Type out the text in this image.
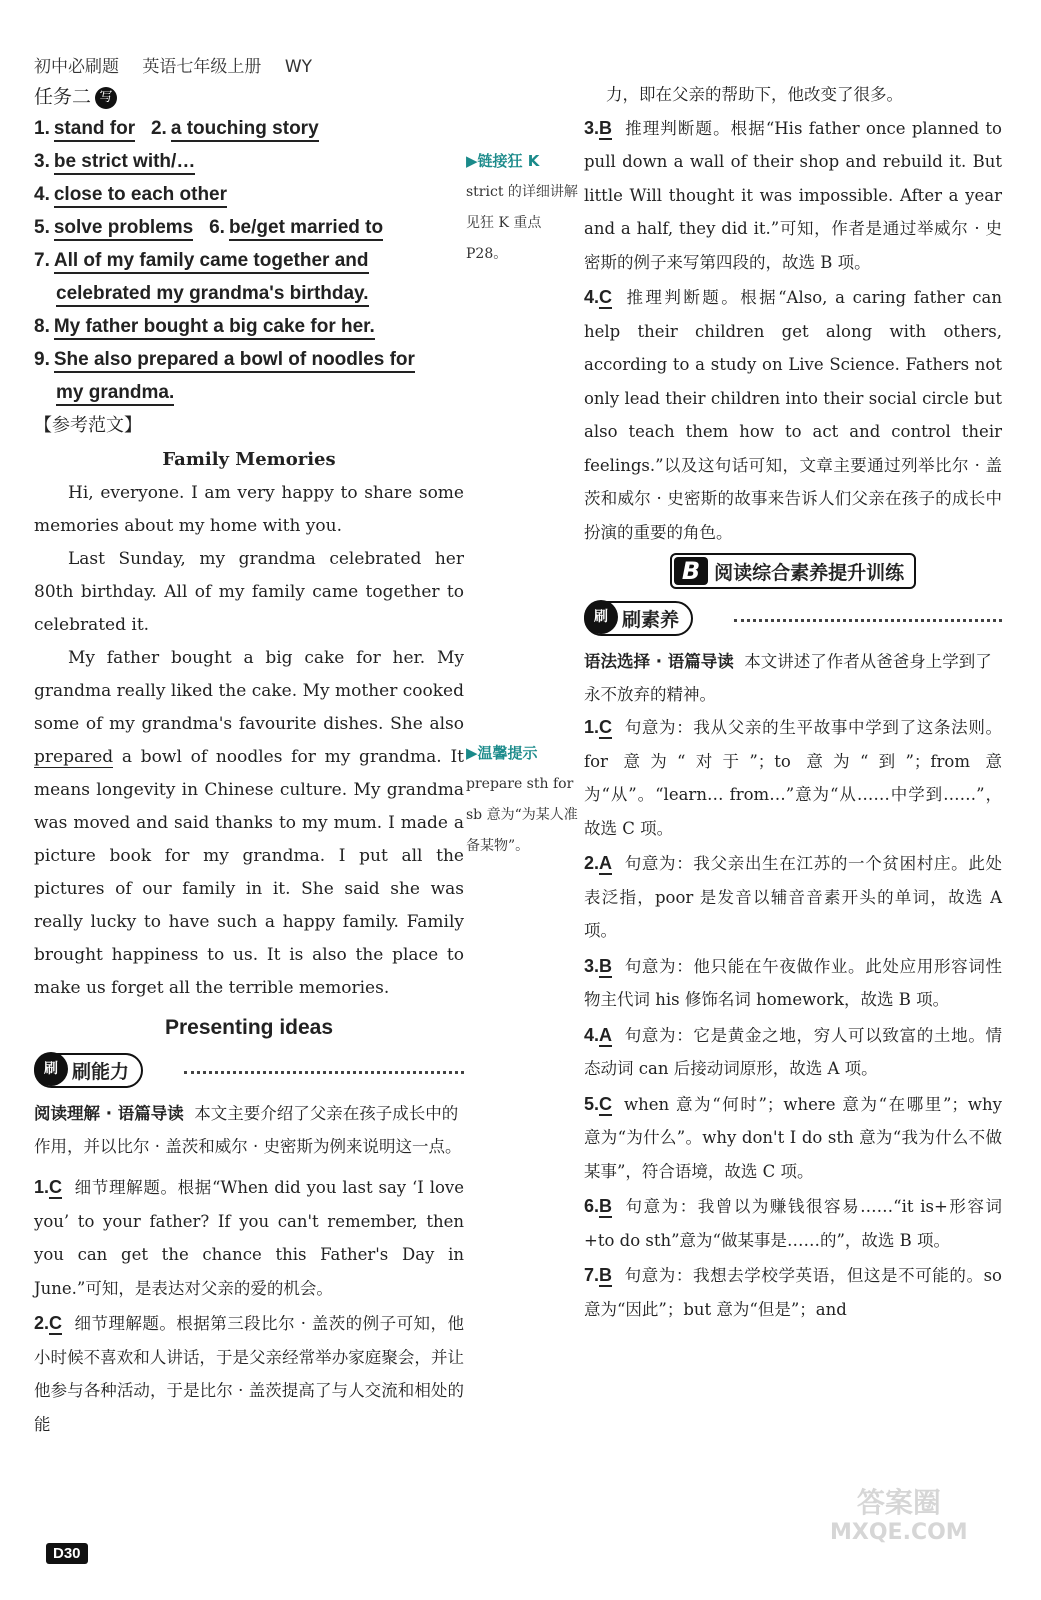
初中必刷题 英语七年级上册 WY
任务二 写
1. stand for 2. a touching story
3. be strict with/…
4. close to each other
5. solve problems 6. be/get married to
7. All of my family came together and
celebrated my grandma's birthday.
8. My father bought a big cake for her.
9. She also prepared a bowl of noodles for
my grandma.
【参考范文】
Family Memories

Hi, everyone. I am very happy to share some memories about my home with you.

Last Sunday, my grandma celebrated her 80th birthday. All of my family came together to celebrated it.

My father bought a big cake for her. My grandma really liked the cake. My mother cooked some of my grandma's favourite dishes. She also prepared a bowl of noodles for my grandma. It means longevity in Chinese culture. My grandma was moved and said thanks to my mum. I made a picture book for my grandma. I put all the pictures of our family in it. She said she was really lucky to have such a happy family. Family brought happiness to us. It is also the place to make us forget all the terrible memories.

Presenting ideas
刷 刷能力
阅读理解 · 语篇导读 本文主要介绍了父亲在孩子成长中的作用，并以比尔 · 盖茨和威尔 · 史密斯为例来说明这一点。
1.C 细节理解题。根据“When did you last say ‘I love you’ to your father? If you can't remember, then you can get the chance this Father's Day in June.”可知，是表达对父亲的爱的机会。
2.C 细节理解题。根据第三段比尔 · 盖茨的例子可知，他小时候不喜欢和人讲话，于是父亲经常举办家庭聚会，并让他参与各种活动，于是比尔 · 盖茨提高了与人交流和相处的能
▶链接狂 K
strict 的详细讲解见狂 K 重点 P28。
▶温馨提示
prepare sth for sb 意为“为某人准备某物”。
力，即在父亲的帮助下，他改变了很多。
3.B 推理判断题。根据“His father once planned to pull down a wall of their shop and rebuild it. But little Will thought it was impossible. After a year and a half, they did it.”可知，作者是通过举威尔 · 史密斯的例子来写第四段的，故选 B 项。
4.C 推理判断题。根据“Also, a caring father can help their children get along with others, according to a study on Live Science. Fathers not only lead their children into their social circle but also teach them how to act and control their feelings.”以及这句话可知，文章主要通过列举比尔 · 盖茨和威尔 · 史密斯的故事来告诉人们父亲在孩子的成长中扮演的重要的角色。
B 阅读综合素养提升训练
刷 刷素养
语法选择 · 语篇导读 本文讲述了作者从爸爸身上学到了永不放弃的精神。
1.C 句意为：我从父亲的生平故事中学到了这条法则。for 意为“对于”；to 意为“到”；from 意为“从”。“learn… from…”意为“从……中学到……”，故选 C 项。
2.A 句意为：我父亲出生在江苏的一个贫困村庄。此处表泛指，poor 是发音以辅音音素开头的单词，故选 A 项。
3.B 句意为：他只能在午夜做作业。此处应用形容词性物主代词 his 修饰名词 homework，故选 B 项。
4.A 句意为：它是黄金之地，穷人可以致富的土地。情态动词 can 后接动词原形，故选 A 项。
5.C when 意为“何时”；where 意为“在哪里”；why 意为“为什么”。why don't I do sth 意为“我为什么不做某事”，符合语境，故选 C 项。
6.B 句意为：我曾以为赚钱很容易……“it is+形容词+to do sth”意为“做某事是……的”，故选 B 项。
7.B 句意为：我想去学校学英语，但这是不可能的。so 意为“因此”；but 意为“但是”；and
D30
答案圈
MXQE.COM
